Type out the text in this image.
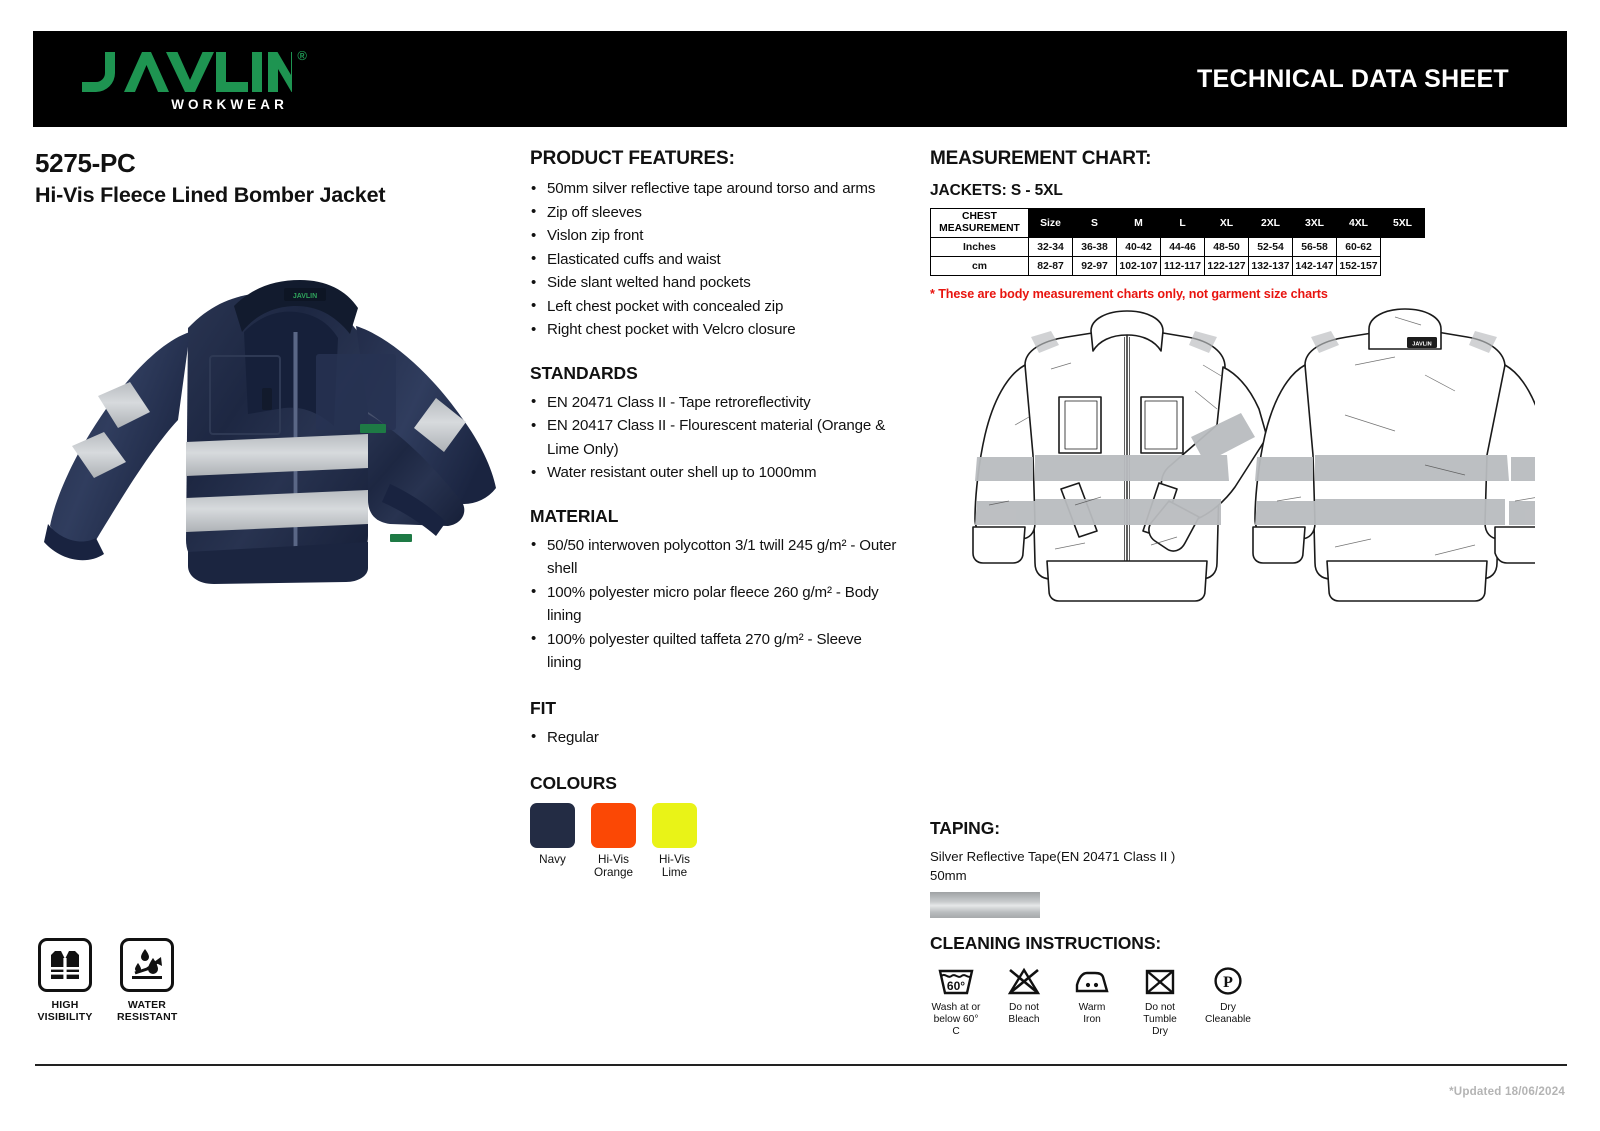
®
WORKWEAR
TECHNICAL DATA SHEET
5275-PC
Hi-Vis Fleece Lined Bomber Jacket
JAVLIN
HIGH
VISIBILITY
WATER
RESISTANT
PRODUCT FEATURES:
• 50mm silver reflective tape around torso and arms
• Zip off sleeves
• Vislon zip front
• Elasticated cuffs and waist
• Side slant welted hand pockets
• Left chest pocket with concealed zip
• Right chest pocket with Velcro closure
STANDARDS
• EN 20471 Class II - Tape retroreflectivity
• EN 20417 Class II - Flourescent material (Orange & Lime Only)
• Water resistant outer shell up to 1000mm
MATERIAL
• 50/50 interwoven polycotton 3/1 twill 245 g/m² - Outer shell
• 100% polyester micro polar fleece 260 g/m² - Body lining
• 100% polyester quilted taffeta 270 g/m² - Sleeve lining
FIT
• Regular
COLOURS
Navy	Hi-Vis Orange
Hi-Vis Lime
MEASUREMENT CHART:
JACKETS: S - 5XL
CHEST MEASUREMENT	Size	S	M	L	XL	2XL	3XL	4XL	5XL
Inches	32-34	36-38	40-42	44-46	48-50	52-54	56-58	60-62	
cm	82-87	92-97	102-107	112-117	122-127	132-137	142-147	152-157	
* These are body measurement charts only, not garment size charts
JAVLIN
TAPING:

Silver Reflective Tape(EN 20471 Class II )
50mm

CLEANING INSTRUCTIONS:
60°
Wash at or
below 60° C
Do not
Bleach
Warm
Iron
Do not
Tumble Dry
P
Dry
Cleanable
*Updated 18/06/2024
